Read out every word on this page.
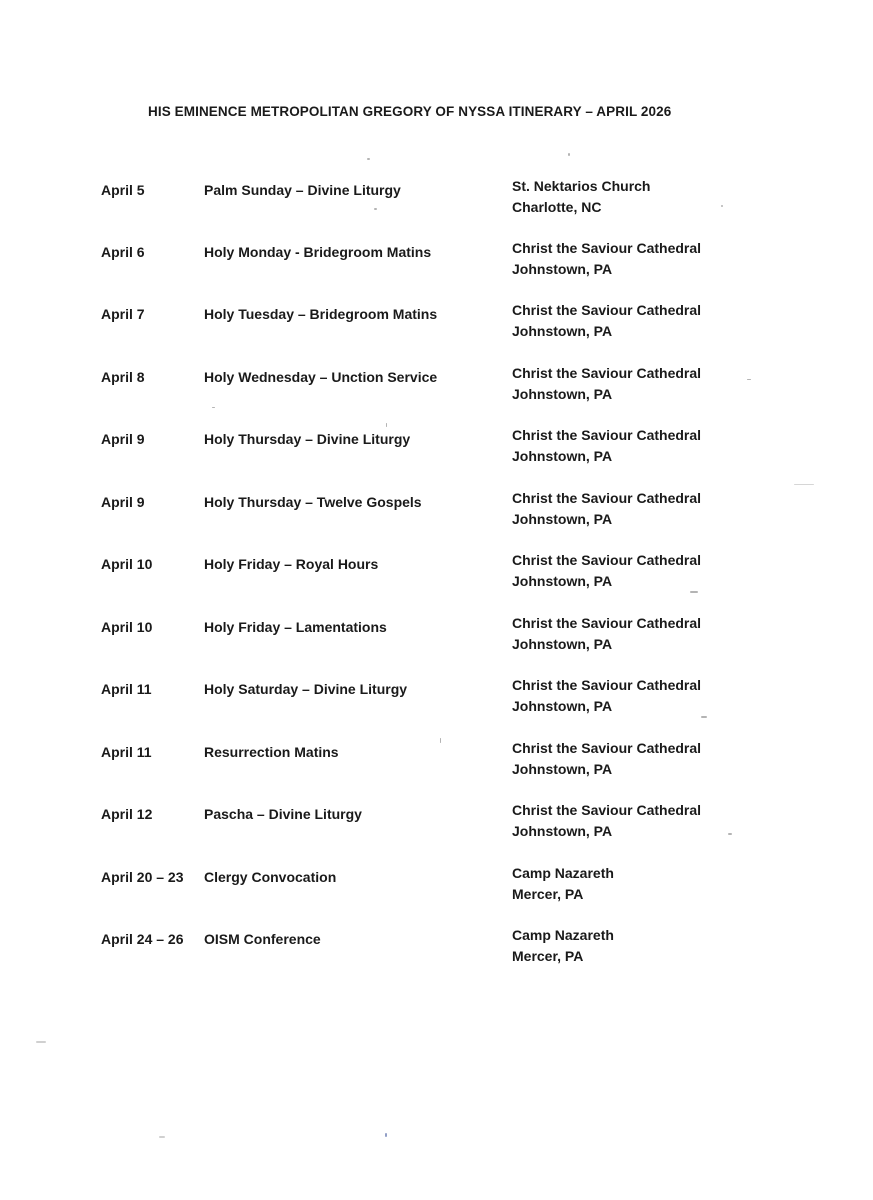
HIS EMINENCE METROPOLITAN GREGORY OF NYSSA ITINERARY – APRIL 2026
April 5	Palm Sunday – Divine Liturgy	St. Nektarios Church
Charlotte, NC
April 6	Holy Monday - Bridegroom Matins	Christ the Saviour Cathedral
Johnstown, PA
April 7	Holy Tuesday – Bridegroom Matins	Christ the Saviour Cathedral
Johnstown, PA
April 8	Holy Wednesday – Unction Service	Christ the Saviour Cathedral
Johnstown, PA
April 9	Holy Thursday – Divine Liturgy	Christ the Saviour Cathedral
Johnstown, PA
April 9	Holy Thursday – Twelve Gospels	Christ the Saviour Cathedral
Johnstown, PA
April 10	Holy Friday – Royal Hours	Christ the Saviour Cathedral
Johnstown, PA
April 10	Holy Friday – Lamentations	Christ the Saviour Cathedral
Johnstown, PA
April 11	Holy Saturday – Divine Liturgy	Christ the Saviour Cathedral
Johnstown, PA
April 11	Resurrection Matins	Christ the Saviour Cathedral
Johnstown, PA
April 12	Pascha – Divine Liturgy	Christ the Saviour Cathedral
Johnstown, PA
April 20 – 23 Clergy Convocation	Camp Nazareth
Mercer, PA
April 24 – 26 OISM Conference	Camp Nazareth
Mercer, PA
